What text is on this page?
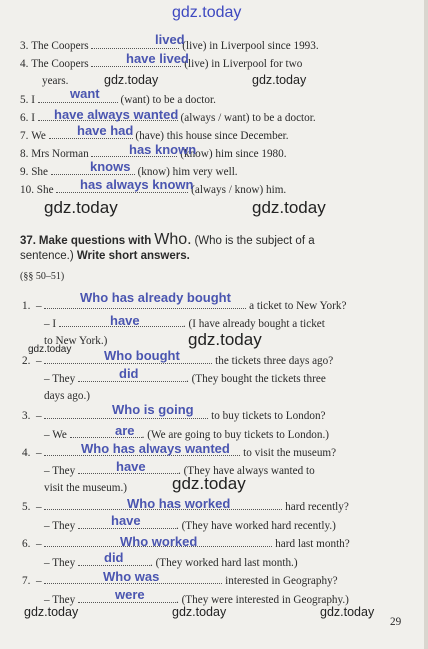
gdz.today
3. The Coopers	(live) in Liverpool since 1993.
lived
4. The Coopers	(live) in Liverpool for two
have lived
years.
5. I	(want) to be a doctor.
want
6. I	(always / want) to be a doctor.
have always wanted
7. We	(have) this house since December.
have had
8. Mrs Norman	(know) him since 1980.
has known
9. She	(know) him very well.
knows
10. She	(always / know) him.
has always known
gdz.today	gdz.today
gdz.today	gdz.today
37. Make questions with Who. (Who is the subject of a
sentence.) Write short answers.
(§§ 50–51)
1.  –	a ticket to New York?
Who has already bought
– I	. (I have already bought a ticket
have
to New York.)
2.  –	the tickets three days ago?
Who bought
– They	. (They bought the tickets three
did
days ago.)
3.  –	to buy tickets to London?
Who is going
– We	. (We are going to buy tickets to London.)
are
4.  –	to visit the museum?
Who has always wanted
– They	. (They have always wanted to
have
visit the museum.)
5.  –	hard recently?
Who has worked
– They	. (They have worked hard recently.)
have
6.  –	hard last month?
Who worked
– They	. (They worked hard last month.)
did
7.  –	interested in Geography?
Who was
– They	. (They were interested in Geography.)
were
gdz.today
gdz.today
gdz.today
gdz.today	gdz.today	gdz.today
29
